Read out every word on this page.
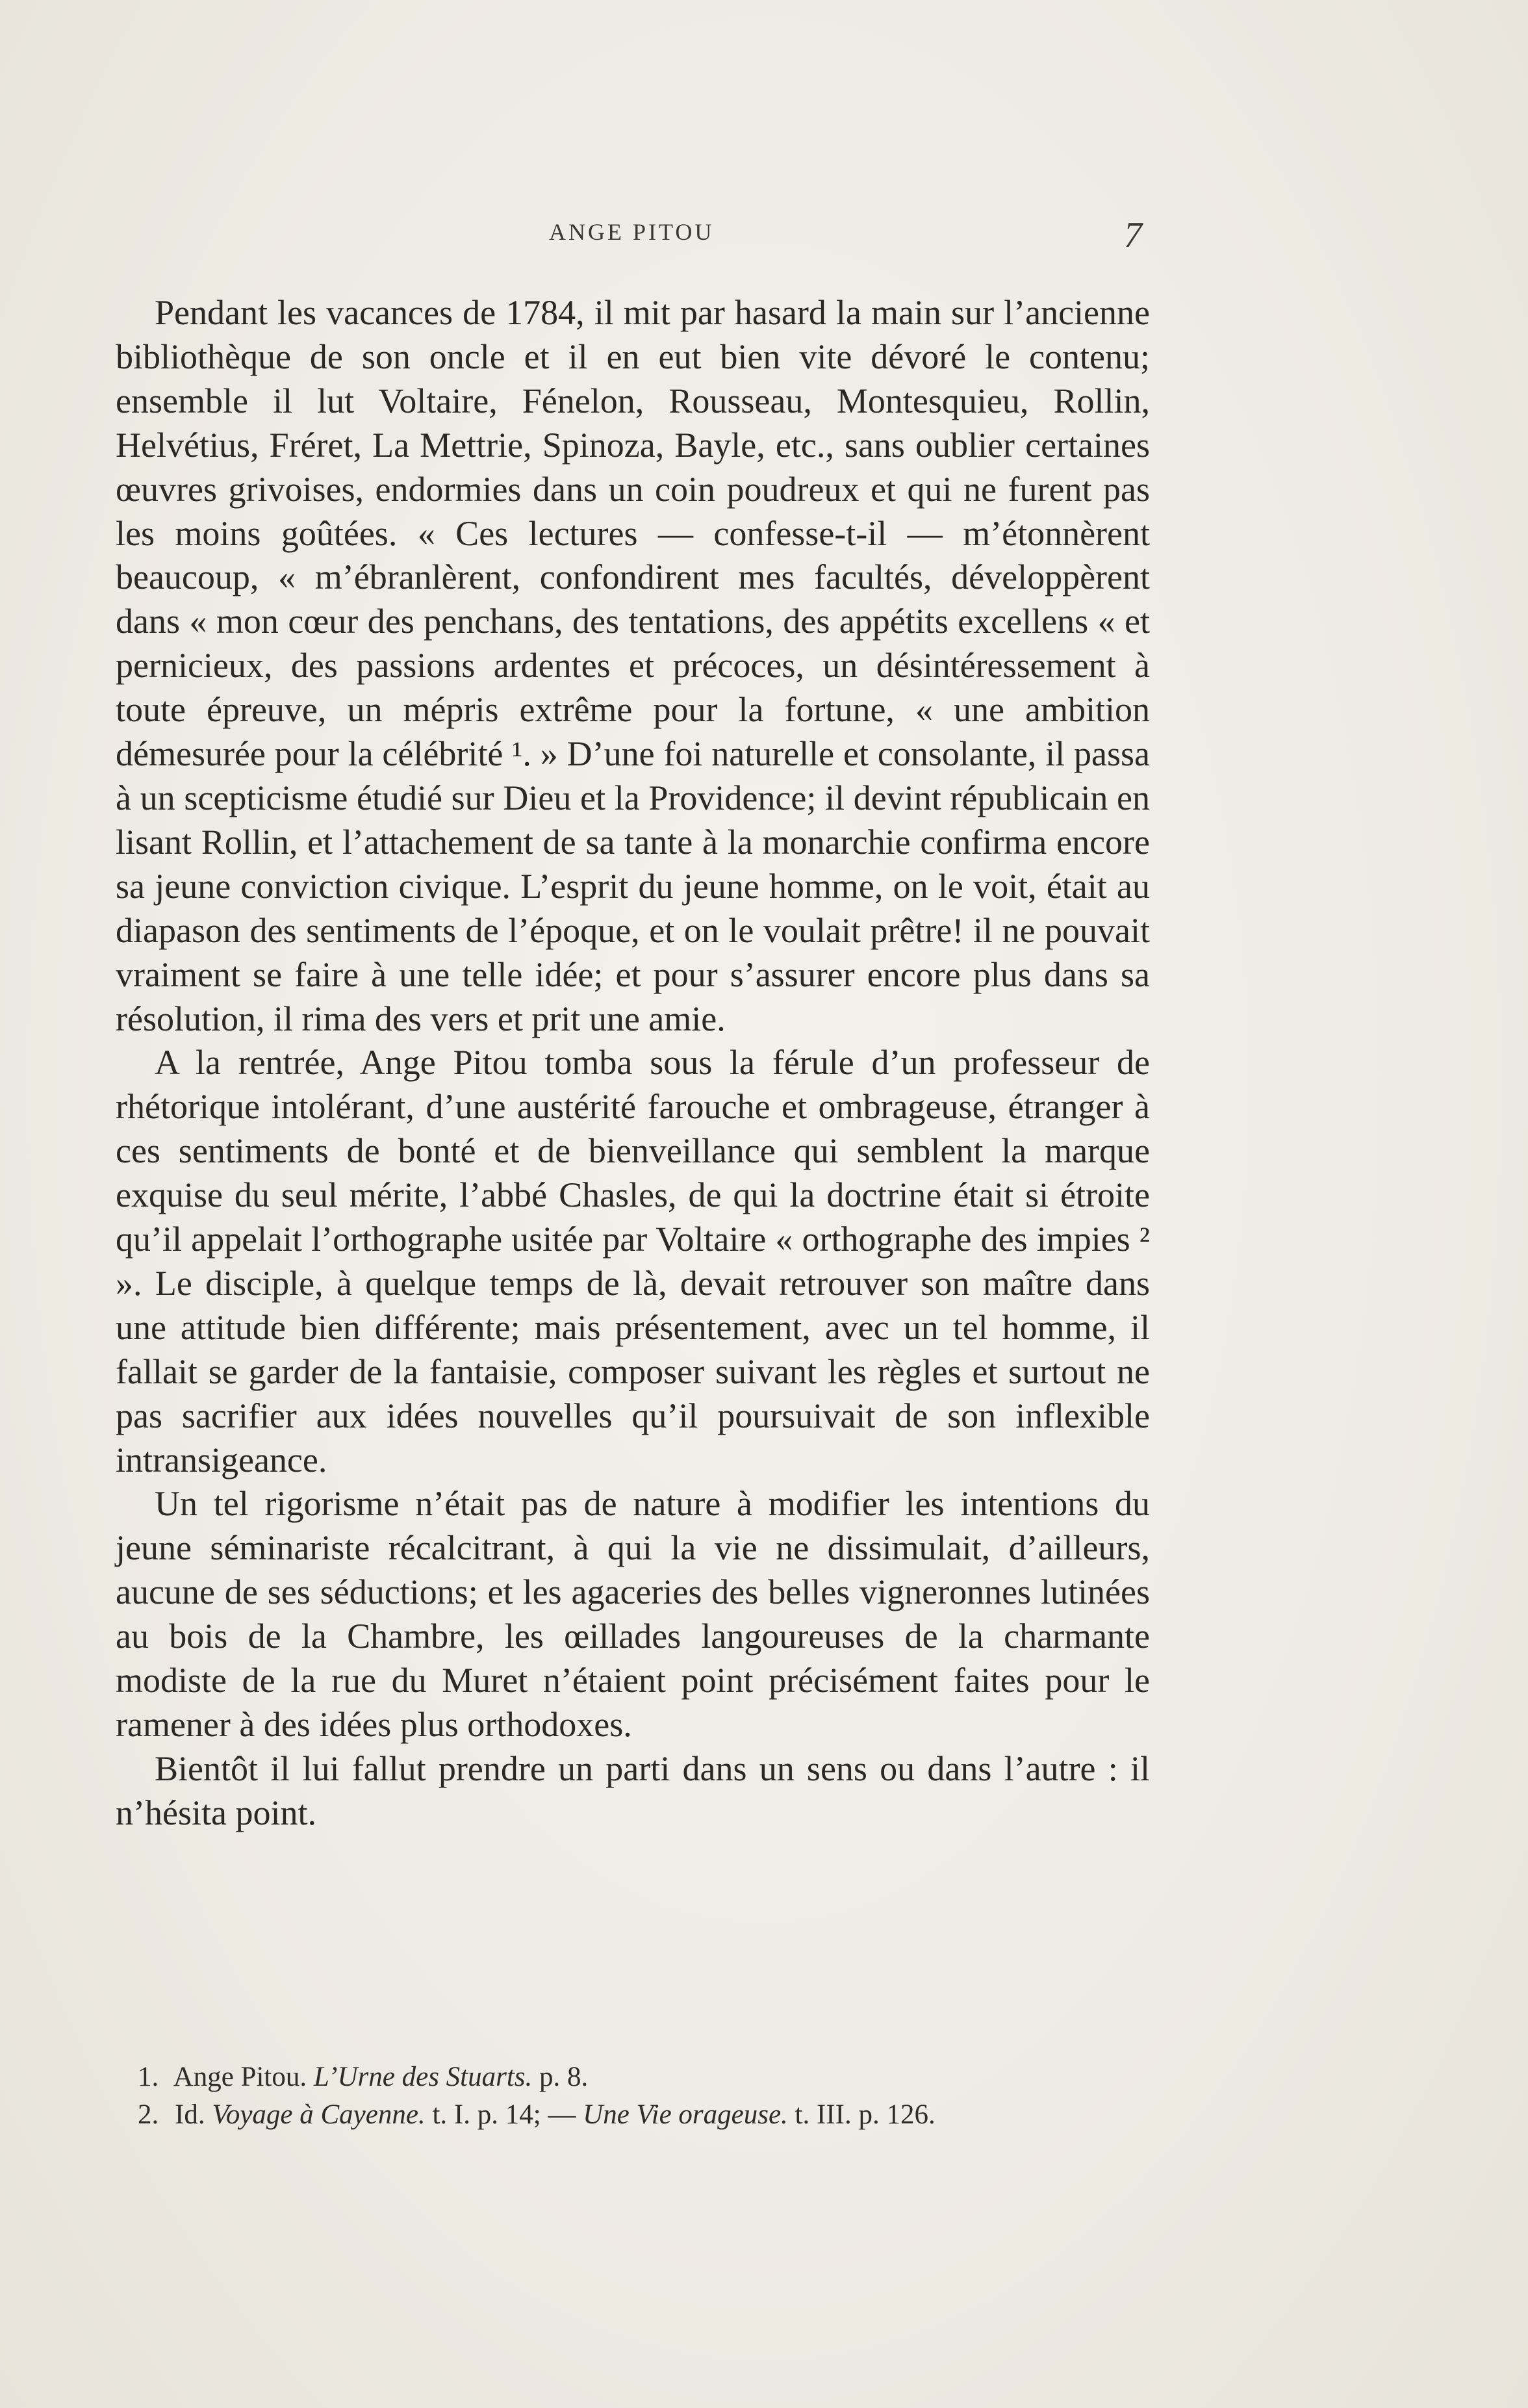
ANGE PITOU	7

Pendant les vacances de 1784, il mit par hasard la main sur l’ancienne bibliothèque de son oncle et il en eut bien vite dévoré le contenu; ensemble il lut Voltaire, Fénelon, Rousseau, Montesquieu, Rollin, Helvétius, Fréret, La Mettrie, Spinoza, Bayle, etc., sans oublier certaines œuvres grivoises, endormies dans un coin poudreux et qui ne furent pas les moins goûtées. « Ces lectures — confesse-t-il — m’étonnèrent beaucoup, « m’ébranlèrent, confondirent mes facultés, développèrent dans « mon cœur des penchans, des tentations, des appétits excellens « et pernicieux, des passions ardentes et précoces, un désintéressement à toute épreuve, un mépris extrême pour la fortune, « une ambition démesurée pour la célébrité ¹. » D’une foi naturelle et consolante, il passa à un scepticisme étudié sur Dieu et la Providence; il devint républicain en lisant Rollin, et l’attachement de sa tante à la monarchie confirma encore sa jeune conviction civique. L’esprit du jeune homme, on le voit, était au diapason des sentiments de l’époque, et on le voulait prêtre! il ne pouvait vraiment se faire à une telle idée; et pour s’assurer encore plus dans sa résolution, il rima des vers et prit une amie.

A la rentrée, Ange Pitou tomba sous la férule d’un professeur de rhétorique intolérant, d’une austérité farouche et ombrageuse, étranger à ces sentiments de bonté et de bienveillance qui semblent la marque exquise du seul mérite, l’abbé Chasles, de qui la doctrine était si étroite qu’il appelait l’orthographe usitée par Voltaire « orthographe des impies ² ». Le disciple, à quelque temps de là, devait retrouver son maître dans une attitude bien différente; mais présentement, avec un tel homme, il fallait se garder de la fantaisie, composer suivant les règles et surtout ne pas sacrifier aux idées nouvelles qu’il poursuivait de son inflexible intransigeance.

Un tel rigorisme n’était pas de nature à modifier les intentions du jeune séminariste récalcitrant, à qui la vie ne dissimulait, d’ailleurs, aucune de ses séductions; et les agaceries des belles vigneronnes lutinées au bois de la Chambre, les œillades langoureuses de la charmante modiste de la rue du Muret n’étaient point précisément faites pour le ramener à des idées plus orthodoxes.

Bientôt il lui fallut prendre un parti dans un sens ou dans l’autre : il n’hésita point.

1. Ange Pitou. L’Urne des Stuarts. p. 8.

2. Id. Voyage à Cayenne. t. I. p. 14; — Une Vie orageuse. t. III. p. 126.
